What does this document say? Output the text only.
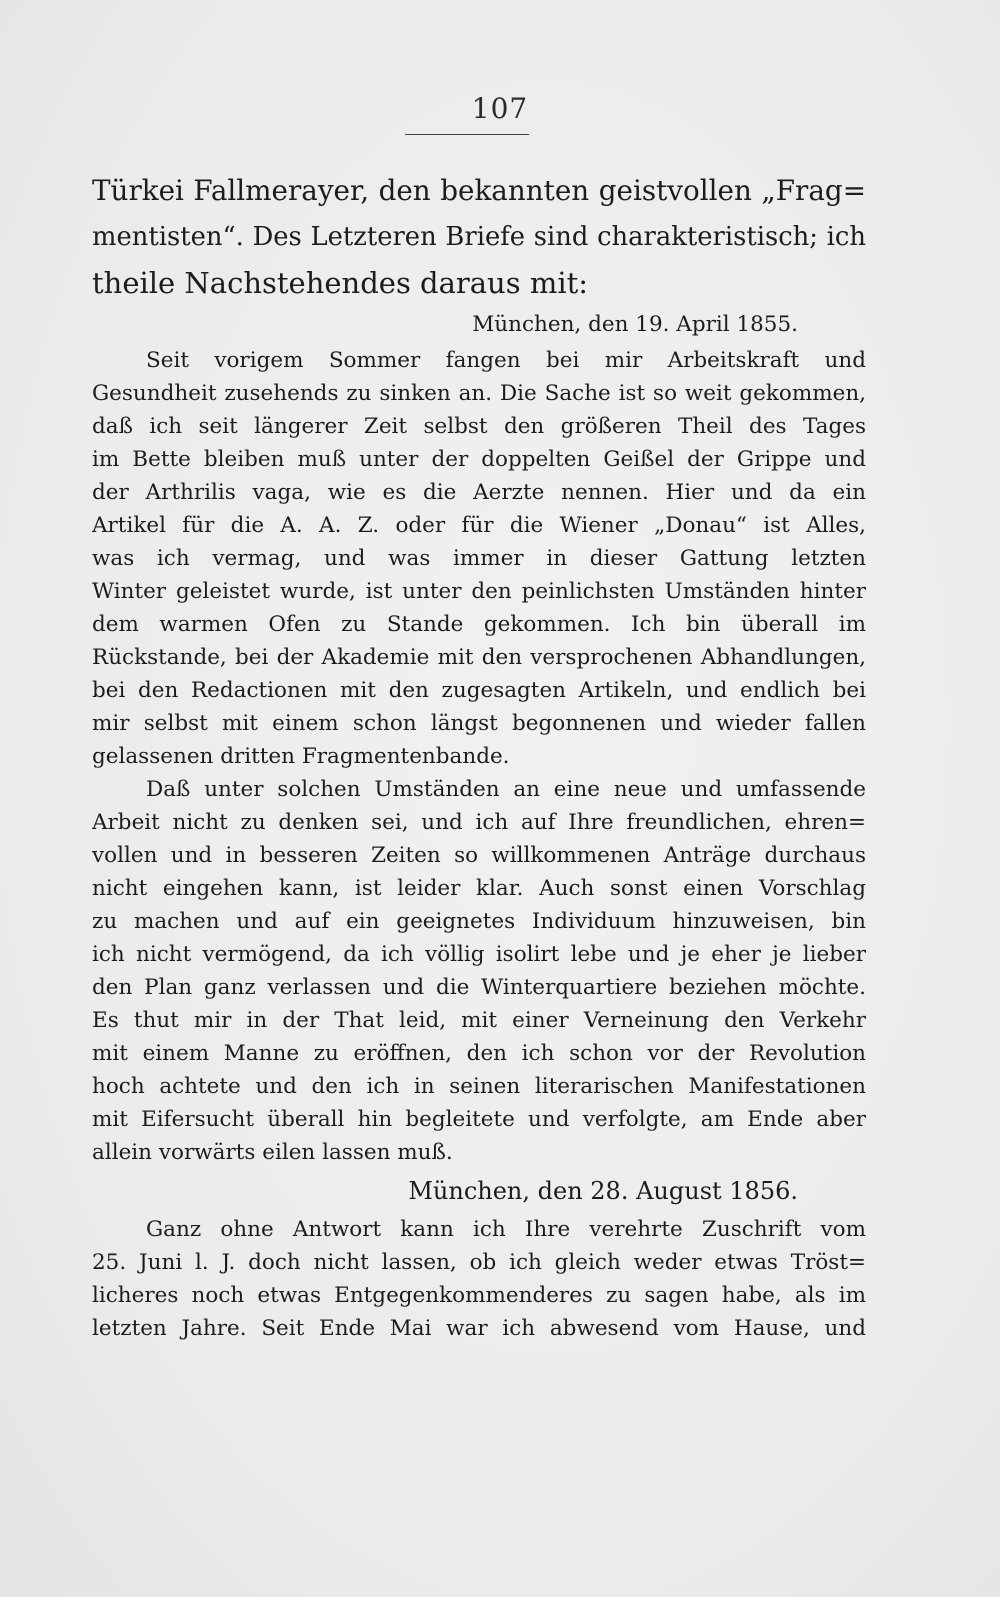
107
Türkei Fallmerayer, den bekannten geistvollen „Frag=
mentisten“. Des Letzteren Briefe sind charakteristisch; ich
theile Nachstehendes daraus mit:
München, den 19. April 1855.
Seit vorigem Sommer fangen bei mir Arbeitskraft und
Gesundheit zusehends zu sinken an. Die Sache ist so weit gekommen,
daß ich seit längerer Zeit selbst den größeren Theil des Tages
im Bette bleiben muß unter der doppelten Geißel der Grippe und
der Arthrilis vaga, wie es die Aerzte nennen. Hier und da ein
Artikel für die A. A. Z. oder für die Wiener „Donau“ ist Alles,
was ich vermag, und was immer in dieser Gattung letzten
Winter geleistet wurde, ist unter den peinlichsten Umständen hinter
dem warmen Ofen zu Stande gekommen. Ich bin überall im
Rückstande, bei der Akademie mit den versprochenen Abhandlungen,
bei den Redactionen mit den zugesagten Artikeln, und endlich bei
mir selbst mit einem schon längst begonnenen und wieder fallen
gelassenen dritten Fragmentenbande.
Daß unter solchen Umständen an eine neue und umfassende
Arbeit nicht zu denken sei, und ich auf Ihre freundlichen, ehren=
vollen und in besseren Zeiten so willkommenen Anträge durchaus
nicht eingehen kann, ist leider klar. Auch sonst einen Vorschlag
zu machen und auf ein geeignetes Individuum hinzuweisen, bin
ich nicht vermögend, da ich völlig isolirt lebe und je eher je lieber
den Plan ganz verlassen und die Winterquartiere beziehen möchte.
Es thut mir in der That leid, mit einer Verneinung den Verkehr
mit einem Manne zu eröffnen, den ich schon vor der Revolution
hoch achtete und den ich in seinen literarischen Manifestationen
mit Eifersucht überall hin begleitete und verfolgte, am Ende aber
allein vorwärts eilen lassen muß.
München, den 28. August 1856.
Ganz ohne Antwort kann ich Ihre verehrte Zuschrift vom
25. Juni l. J. doch nicht lassen, ob ich gleich weder etwas Tröst=
licheres noch etwas Entgegenkommenderes zu sagen habe, als im
letzten Jahre. Seit Ende Mai war ich abwesend vom Hause, und
